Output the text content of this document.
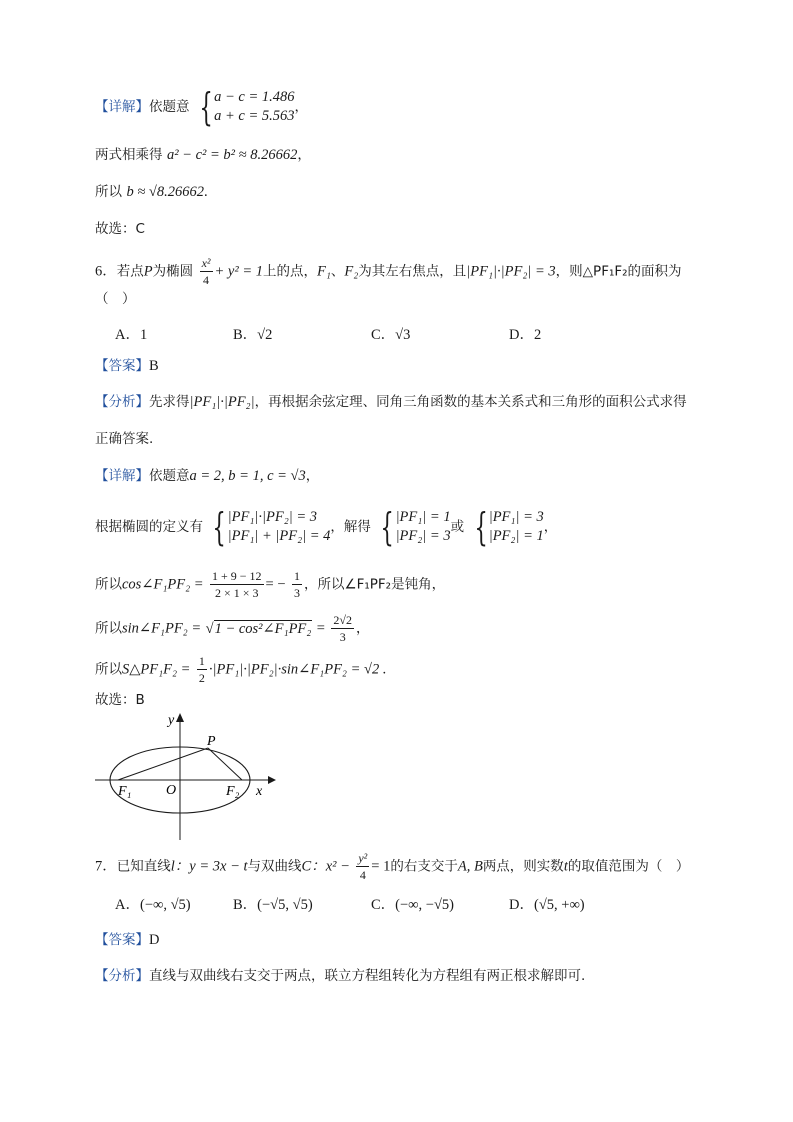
【详解】依题意 { a − c = 1.486
a + c = 5.563
，
两式相乘得 a² − c² = b² ≈ 8.26662，
所以 b ≈ √8.26662.
故选：C
6．若点P为椭圆 $\frac{\text{x²}}{4} + y^2 = 1$上的点，F₁、F₂为其左右焦点，且|PF₁|·|PF₂| = 3，则△PF₁F₂的面积为
（　）
A．1	B．√2	C．√3	D．2
【答案】B
【分析】先求得|PF₁|·|PF₂|，再根据余弦定理、同角三角函数的基本关系式和三角形的面积公式求得
正确答案.
【详解】依题意a = 2, b = 1, c = √3，
根据椭圆的定义有 { |PF₁|·|PF₂| = 3
|PF₁| + |PF₂| = 4
，解得 { |PF₁| = 1
|PF₂| = 3
或 { |PF₁| = 3
|PF₂| = 1
，
所以cos∠F₁PF₂ = $\frac{1 + 9 - 12}{2 \times 1 \times 3}$ = − $\frac{1}{3}$ ，所以∠F₁PF₂是钝角，
所以sin∠F₁PF₂ = √1 − cos²∠F₁PF₂ = $\frac{2√2}{3}$ ，
所以S△PF₁F₂ = $\frac{1}{2}$ ·|PF₁|·|PF₂|·sin∠F₁PF₂ = √2 .
故选：B
y
x
P
O
F₁	F₂
7．已知直线l：y = 3x − t与双曲线C：$x^2 - \frac{\text{y²}}{4} = 1$的右支交于A, B两点，则实数t的取值范围为（　）
A．(−∞, √5)	B．(−√5, √5)	C．(−∞, −√5)	D．(√5, +∞)
【答案】D
【分析】直线与双曲线右支交于两点，联立方程组转化为方程组有两正根求解即可.
